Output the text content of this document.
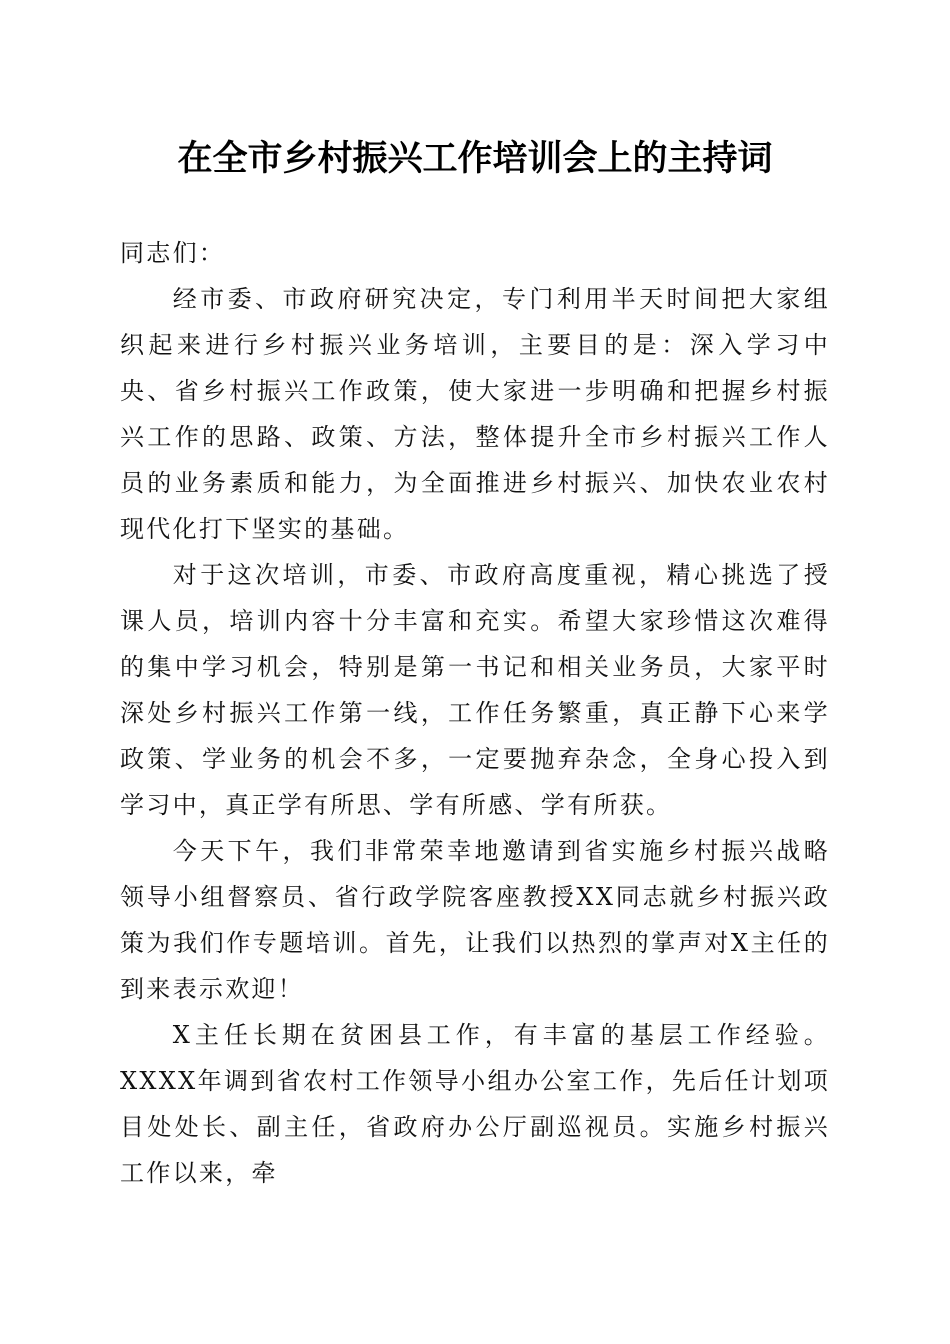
在全市乡村振兴工作培训会上的主持词

同志们：

经市委、市政府研究决定，专门利用半天时间把大家组织起来进行乡村振兴业务培训，主要目的是：深入学习中央、省乡村振兴工作政策，使大家进一步明确和把握乡村振兴工作的思路、政策、方法，整体提升全市乡村振兴工作人员的业务素质和能力，为全面推进乡村振兴、加快农业农村现代化打下坚实的基础。

对于这次培训，市委、市政府高度重视，精心挑选了授课人员，培训内容十分丰富和充实。希望大家珍惜这次难得的集中学习机会，特别是第一书记和相关业务员，大家平时深处乡村振兴工作第一线，工作任务繁重，真正静下心来学政策、学业务的机会不多，一定要抛弃杂念，全身心投入到学习中，真正学有所思、学有所感、学有所获。

今天下午，我们非常荣幸地邀请到省实施乡村振兴战略领导小组督察员、省行政学院客座教授XX同志就乡村振兴政策为我们作专题培训。首先，让我们以热烈的掌声对X主任的到来表示欢迎！

X主任长期在贫困县工作，有丰富的基层工作经验。XXXX年调到省农村工作领导小组办公室工作，先后任计划项目处处长、副主任，省政府办公厅副巡视员。实施乡村振兴工作以来，牵
